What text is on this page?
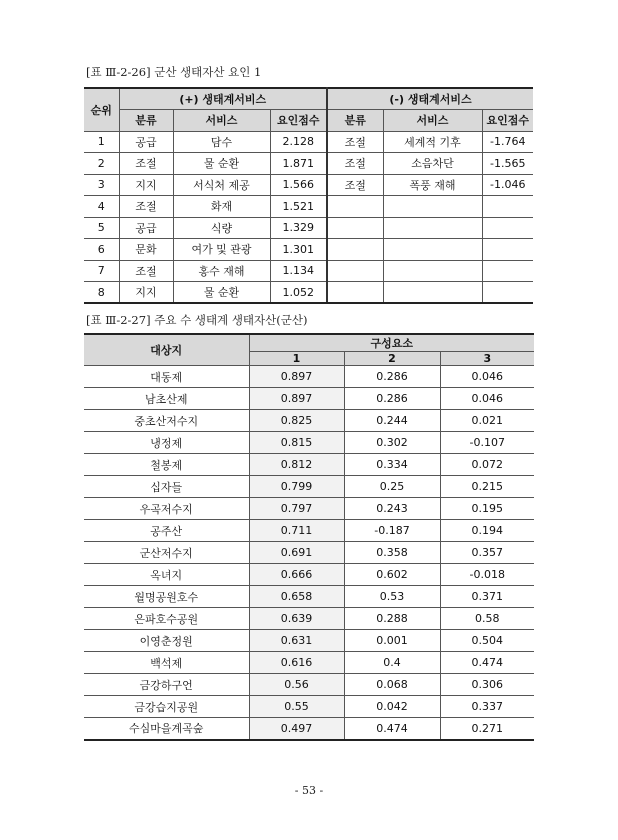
[표 Ⅲ-2-26] 군산 생태자산 요인 1
순위	(+) 생태계서비스			(-) 생태계서비스		
	분류	서비스	요인점수	분류	서비스	요인점수
1	공급	담수	2.128	조절	세계적 기후	-1.764
2	조절	물 순환	1.871	조절	소음차단	-1.565
3	지지	서식처 제공	1.566	조절	폭풍 재해	-1.046
4	조절	화재	1.521			
5	공급	식량	1.329			
6	문화	여가 및 관광	1.301			
7	조절	홍수 재해	1.134			
8	지지	물 순환	1.052			
[표 Ⅲ-2-27] 주요 수 생태계 생태자산(군산)
대상지	구성요소		
	1	2	3
대동제	0.897	0.286	0.046
남초산제	0.897	0.286	0.046
중초산저수지	0.825	0.244	0.021
냉정제	0.815	0.302	-0.107
철봉제	0.812	0.334	0.072
십자들	0.799	0.25	0.215
우곡저수지	0.797	0.243	0.195
공주산	0.711	-0.187	0.194
군산저수지	0.691	0.358	0.357
옥녀지	0.666	0.602	-0.018
월명공원호수	0.658	0.53	0.371
은파호수공원	0.639	0.288	0.58
이영춘정원	0.631	0.001	0.504
백석제	0.616	0.4	0.474
금강하구언	0.56	0.068	0.306
금강습지공원	0.55	0.042	0.337
수심마을계곡숲	0.497	0.474	0.271
- 53 -
